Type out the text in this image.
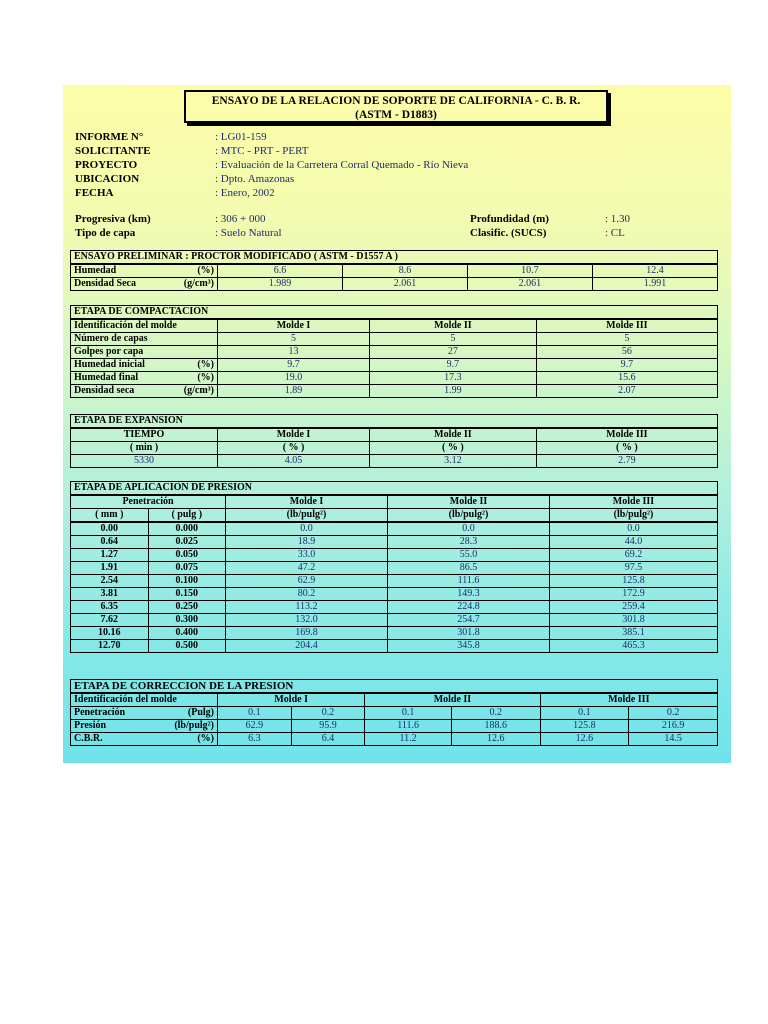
ENSAYO DE LA RELACION DE SOPORTE DE CALIFORNIA - C. B. R.
(ASTM - D1883)
INFORME N°	: LG01-159
SOLICITANTE	: MTC - PRT - PERT
PROYECTO	: Evaluación de la Carretera Corral Quemado - Río Nieva
UBICACION	: Dpto. Amazonas
FECHA	: Enero, 2002
Progresiva (km)	: 306 + 000
Tipo de capa	: Suelo Natural
Profundidad (m)	: 1.30
Clasific. (SUCS)	: CL
ENSAYO PRELIMINAR : PROCTOR MODIFICADO ( ASTM - D1557 A )				
Humedad (%)	6.6	8.6	10.7	12.4
Densidad Seca (g/cm³)	1.989	2.061	2.061	1.991
ETAPA DE COMPACTACION			
Identificación del molde	Molde I	Molde II	Molde III
Número de capas	5	5	5
Golpes por capa	13	27	56
Humedad inicial (%)	9.7	9.7	9.7
Humedad final (%)	19.0	17.3	15.6
Densidad seca (g/cm³)	1.89	1.99	2.07
ETAPA DE EXPANSION			
TIEMPO	Molde I	Molde II	Molde III
( min )	( % )	( % )	( % )
5330	4.05	3.12	2.79
ETAPA DE APLICACION DE PRESION				
Penetración		Molde I	Molde II	Molde III
( mm )	( pulg )	(lb/pulg²)	(lb/pulg²)	(lb/pulg²)
0.00	0.000	0.0	0.0	0.0
0.64	0.025	18.9	28.3	44.0
1.27	0.050	33.0	55.0	69.2
1.91	0.075	47.2	86.5	97.5
2.54	0.100	62.9	111.6	125.8
3.81	0.150	80.2	149.3	172.9
6.35	0.250	113.2	224.8	259.4
7.62	0.300	132.0	254.7	301.8
10.16	0.400	169.8	301.8	385.1
12.70	0.500	204.4	345.8	465.3
ETAPA DE CORRECCION DE LA PRESION						
Identificación del molde	Molde I		Molde II		Molde III	
Penetración (Pulg)	0.1	0.2	0.1	0.2	0.1	0.2
Presión (lb/pulg²)	62.9	95.9	111.6	188.6	125.8	216.9
C.B.R. (%)	6.3	6.4	11.2	12.6	12.6	14.5
